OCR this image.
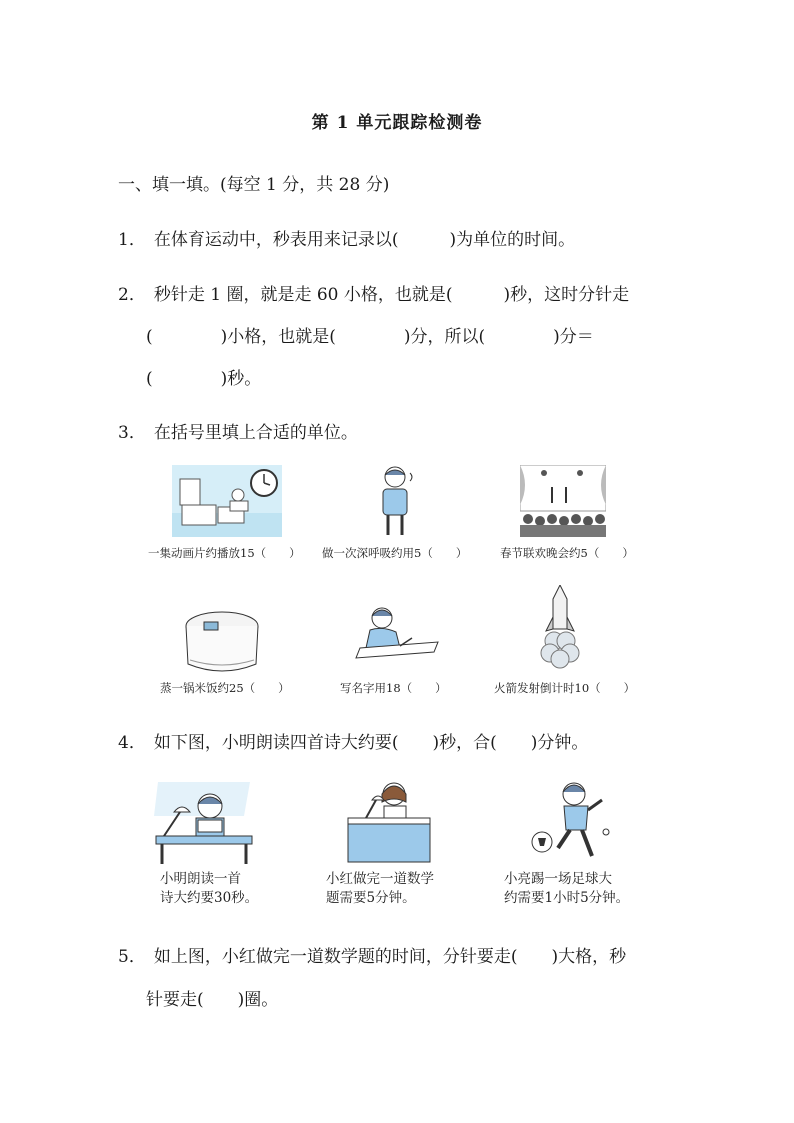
第 1 单元跟踪检测卷
一、填一填。(每空 1 分，共 28 分)
1． 在体育运动中，秒表用来记录以(　　　)为单位的时间。
2． 秒针走 1 圈，就是走 60 小格，也就是(　　　)秒，这时分针走
(　　　　)小格，也就是(　　　　)分，所以(　　　　)分＝
(　　　　)秒。
3． 在括号里填上合适的单位。
一集动画片约播放15（　　） 做一次深呼吸约用5（　　）	春节联欢晚会约5（　　）
蒸一锅米饭约25（　　）	写名字用18（　　）	火箭发射倒计时10（　　）
4． 如下图，小明朗读四首诗大约要(　　)秒，合(　　)分钟。
小明朗读一首
诗大约要30秒。
小红做完一道数学
题需要5分钟。
小亮踢一场足球大
约需要1小时5分钟。
5． 如上图，小红做完一道数学题的时间，分针要走(　　)大格，秒
针要走(　　)圈。
